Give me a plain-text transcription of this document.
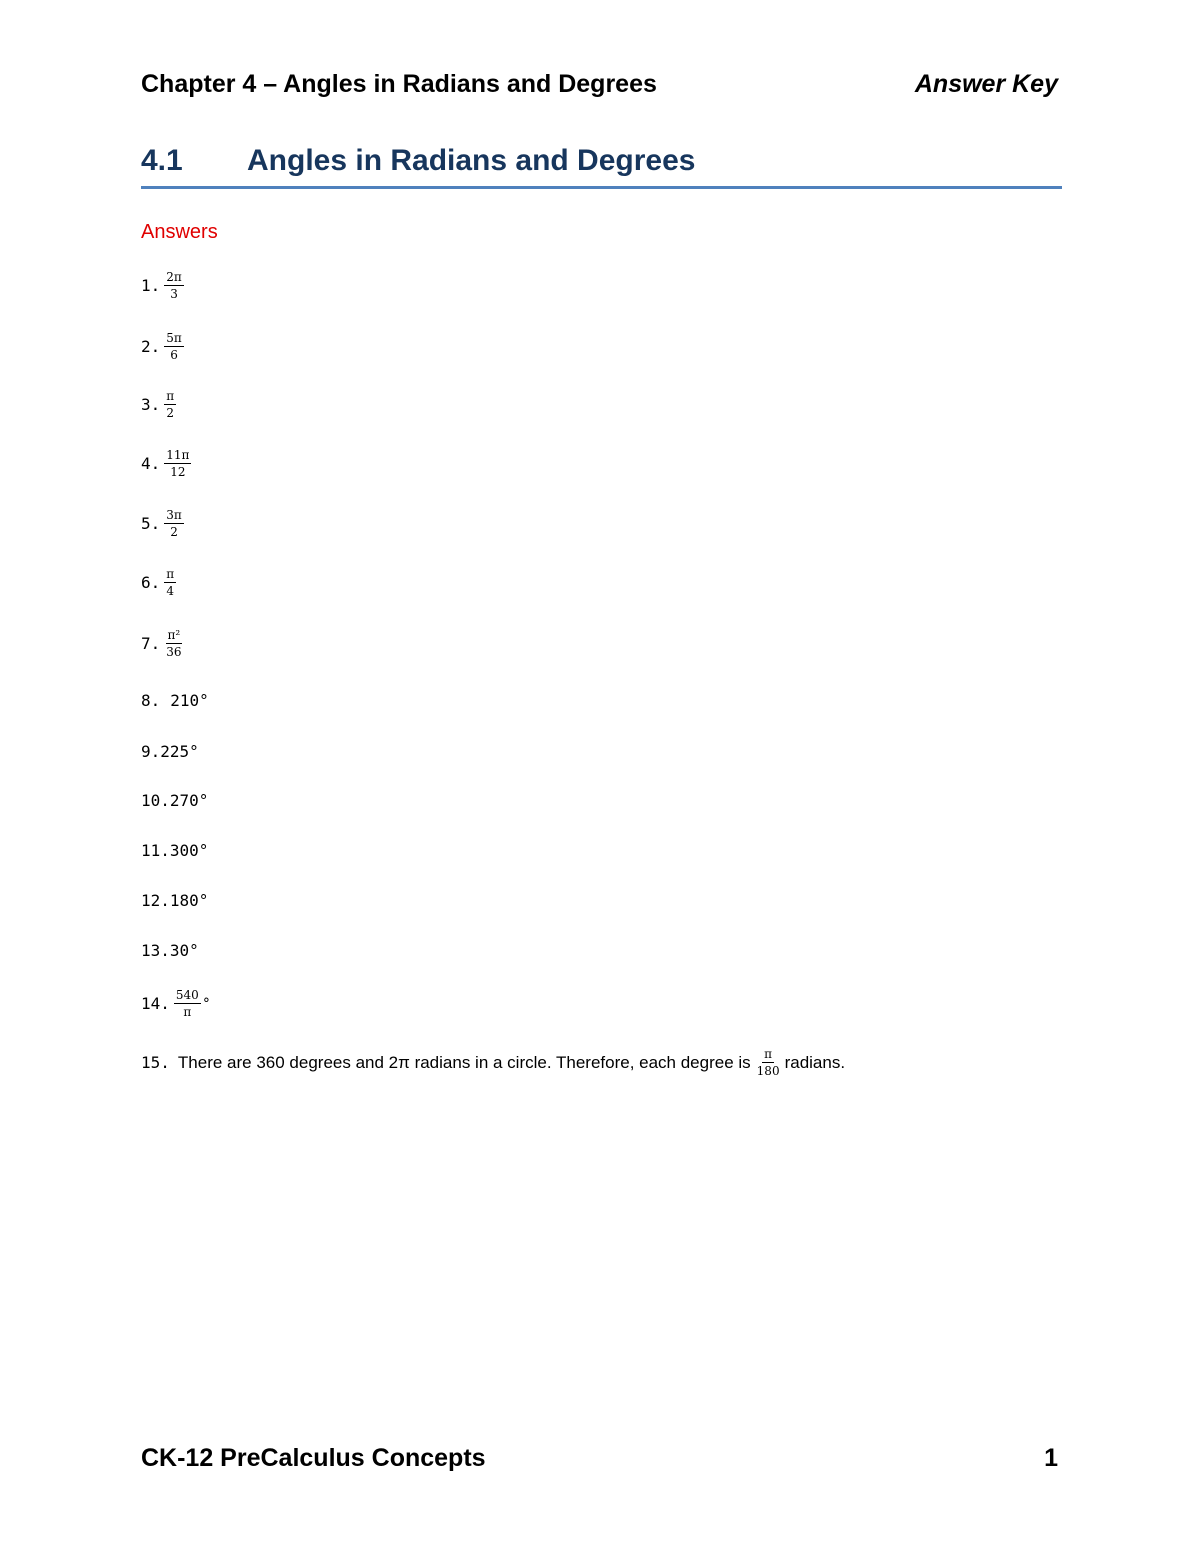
Chapter 4 – Angles in Radians and Degrees	Answer Key
4.1 Angles in Radians and Degrees
Answers
1. $\frac{2\pi}{3}$
2. $\frac{5\pi}{6}$
3. $\frac{\pi}{2}$
4. $\frac{11\pi}{12}$
5. $\frac{3\pi}{2}$
6. $\frac{\pi}{4}$
7. $\frac{\text{π²}}{36}$
8. 210°
9. 225°
10. 270°
11. 300°
12. 180°
13. 30°
14. $\frac{540}{\pi}$ °
15. There are 360 degrees and 2π radians in a circle. Therefore, each degree is $\frac{\pi}{180}$ radians.
CK-12 PreCalculus Concepts	1
